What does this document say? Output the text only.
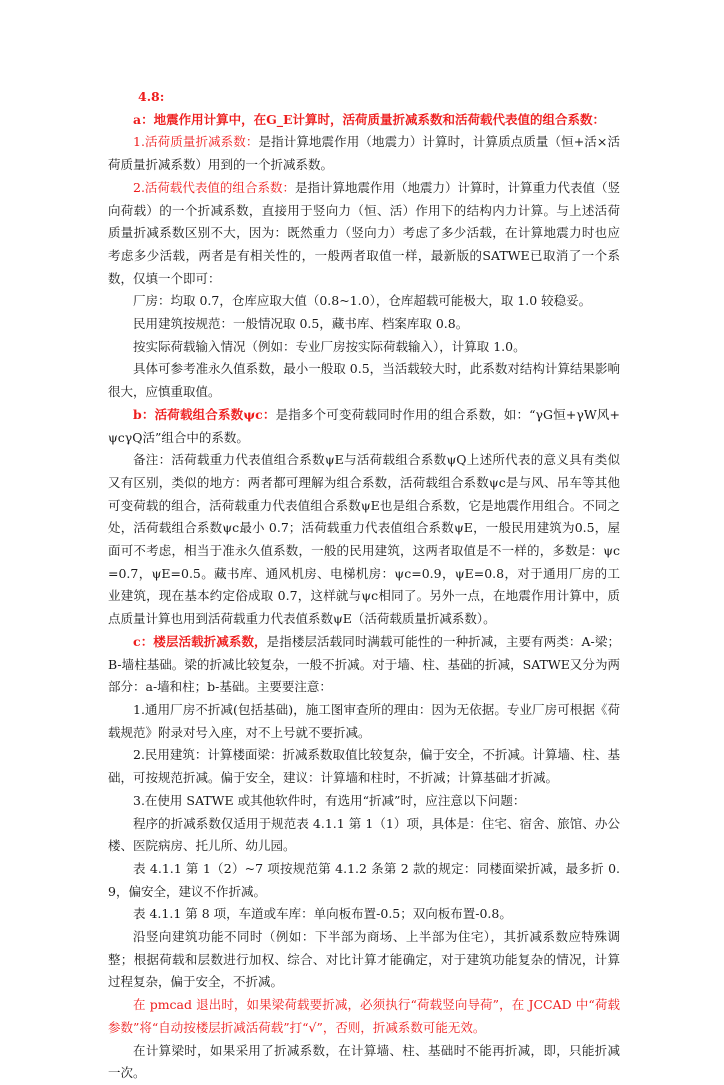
4.8:

a：地震作用计算中，在G_E计算时，活荷质量折减系数和活荷载代表值的组合系数：

1.活荷质量折减系数：是指计算地震作用（地震力）计算时，计算质点质量（恒+活×活荷质量折减系数）用到的一个折减系数。

2.活荷载代表值的组合系数：是指计算地震作用（地震力）计算时，计算重力代表值（竖向荷载）的一个折减系数，直接用于竖向力（恒、活）作用下的结构内力计算。与上述活荷质量折减系数区别不大，因为：既然重力（竖向力）考虑了多少活载，在计算地震力时也应考虑多少活载，两者是有相关性的，一般两者取值一样，最新版的SATWE已取消了一个系数，仅填一个即可：

厂房：均取 0.7，仓库应取大值（0.8~1.0），仓库超载可能极大，取 1.0 较稳妥。

民用建筑按规范：一般情况取 0.5，藏书库、档案库取 0.8。

按实际荷载输入情况（例如：专业厂房按实际荷载输入），计算取 1.0。

具体可参考准永久值系数，最小一般取 0.5，当活载较大时，此系数对结构计算结果影响很大，应慎重取值。

b：活荷载组合系数ψc：是指多个可变荷载同时作用的组合系数，如：“γG恒+γW风+ψcγQ活”组合中的系数。

备注：活荷载重力代表值组合系数ψE与活荷载组合系数ψQ上述所代表的意义具有类似又有区别，类似的地方：两者都可理解为组合系数，活荷载组合系数ψc是与风、吊车等其他可变荷载的组合，活荷载重力代表值组合系数ψE也是组合系数，它是地震作用组合。不同之处，活荷载组合系数ψc最小 0.7；活荷载重力代表值组合系数ψE，一般民用建筑为0.5，屋面可不考虑，相当于准永久值系数，一般的民用建筑，这两者取值是不一样的，多数是：ψc=0.7，ψE=0.5。藏书库、通风机房、电梯机房：ψc=0.9，ψE=0.8，对于通用厂房的工业建筑，现在基本约定俗成取 0.7，这样就与ψc相同了。另外一点，在地震作用计算中，质点质量计算也用到活荷载重力代表值系数ψE（活荷载质量折减系数）。

c：楼层活载折减系数，是指楼层活载同时满载可能性的一种折减，主要有两类：A-梁；B-墙柱基础。梁的折减比较复杂，一般不折减。对于墙、柱、基础的折减，SATWE又分为两部分：a-墙和柱；b-基础。主要要注意：

1.通用厂房不折减(包括基础)，施工图审查所的理由：因为无依据。专业厂房可根据《荷载规范》附录对号入座，对不上号就不要折减。

2.民用建筑：计算楼面梁：折减系数取值比较复杂，偏于安全，不折减。计算墙、柱、基础，可按规范折减。偏于安全，建议：计算墙和柱时，不折减；计算基础才折减。

3.在使用 SATWE 或其他软件时，有选用“折减”时，应注意以下问题：

程序的折减系数仅适用于规范表 4.1.1 第 1（1）项，具体是：住宅、宿舍、旅馆、办公楼、医院病房、托儿所、幼儿园。

表 4.1.1 第 1（2）~7 项按规范第 4.1.2 条第 2 款的规定：同楼面梁折减，最多折 0.9，偏安全，建议不作折减。

表 4.1.1 第 8 项，车道或车库：单向板布置-0.5；双向板布置-0.8。

沿竖向建筑功能不同时（例如：下半部为商场、上半部为住宅），其折减系数应特殊调整；根据荷载和层数进行加权、综合、对比计算才能确定，对于建筑功能复杂的情况，计算过程复杂，偏于安全，不折减。

在 pmcad 退出时，如果梁荷载要折减，必须执行“荷载竖向导荷”，在 JCCAD 中“荷载参数”将“自动按楼层折减活荷载”打“√”，否则，折减系数可能无效。

在计算梁时，如果采用了折减系数，在计算墙、柱、基础时不能再折减，即，只能折减一次。
